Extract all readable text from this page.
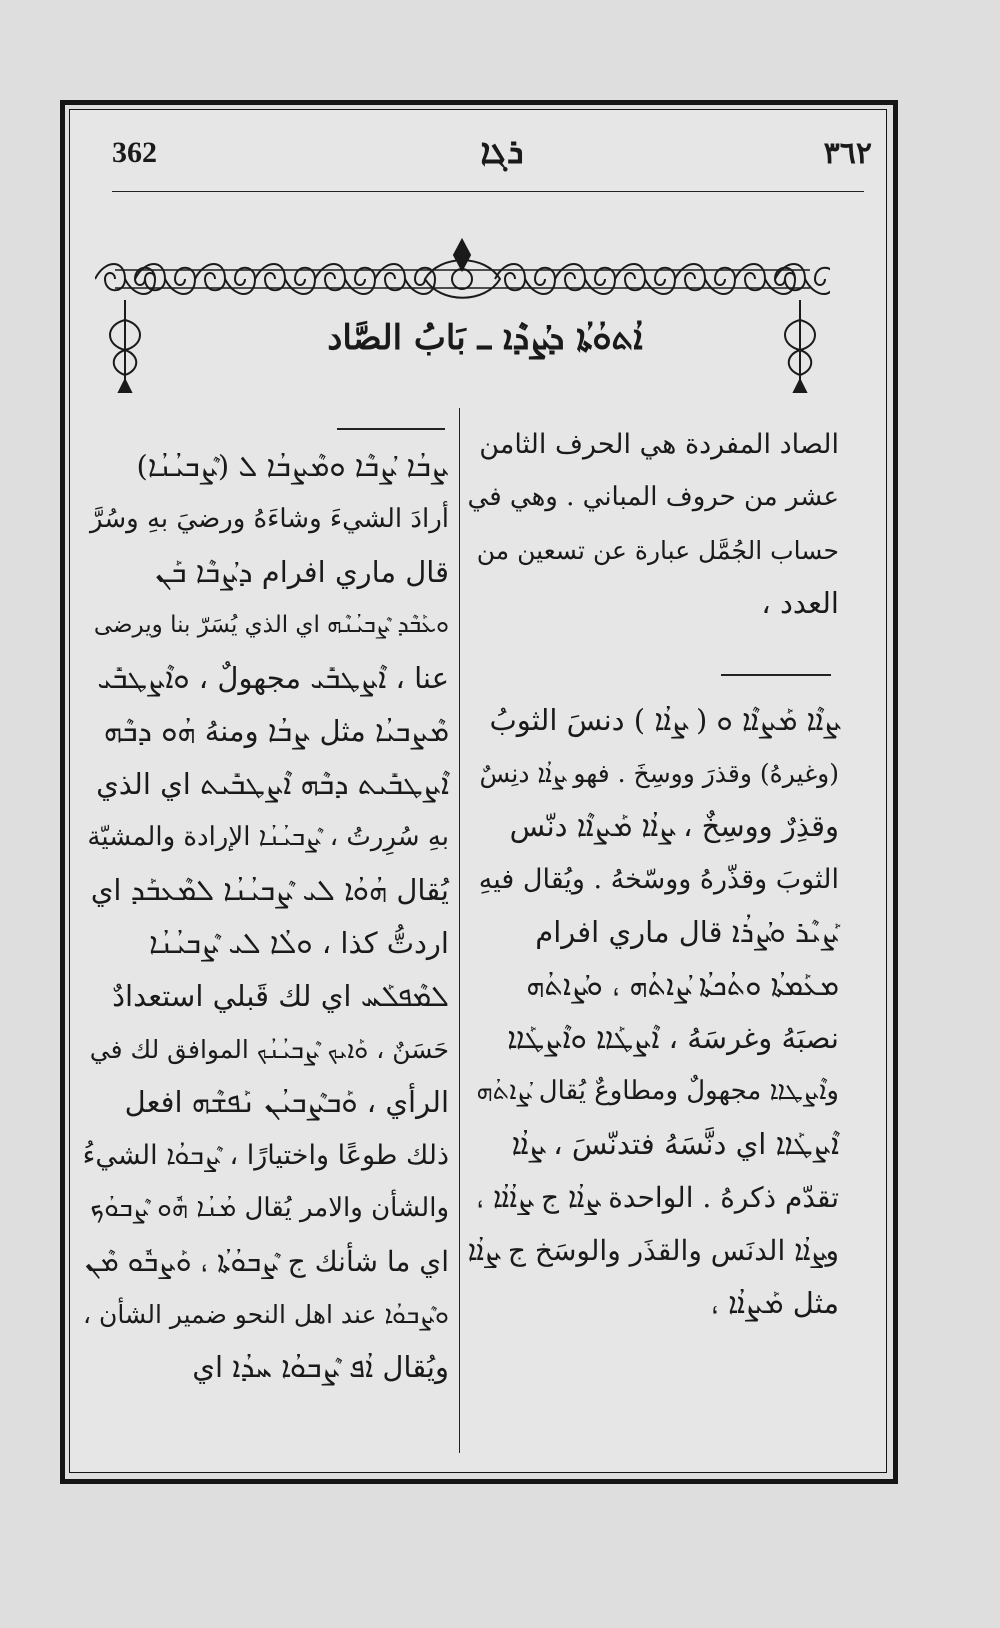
362	ܪܓܐ	٣٦٢
ܐܳܬܘܳܬܳܐ ܕܨܳܕܶܐ ـ بَابُ الصَّاد

الصاد المفردة هي الحرف الثامن

عشر من حروف المباني . وهي في

حساب الجُمَّل عبارة عن تسعين من

العدد ،

ܨܐܶܐ ܡܰܨܐܶܐ ܘ ( ܨܐܳܐ ) دنسَ الثوبُ

(وغيرهُ) وقذرَ ووسِخَ . فهو ܨܐܳܐ دنِسٌ

وقذِرٌ ووسِخٌ ، ܨܐܳܐ ܡܰܨܐܶܐ دنّس

الثوبَ وقذّرهُ ووسّخهُ . ويُقال فيهِ

ܨܰܝܶܪ ܘܨܳܪܳܐ قال ماري افرام

ܡܥܰܡܬܳܐ ܘܬܳܟܬܳܐ ܨܳܐܬܳܗ ، ܘܨܳܐܬܳܗ

نصبَهُ وغرسَهُ ، ܐܶܨܛܰܐܐ ܘܐܶܨܛܰܐܐ

وܐܶܨܛܐܐ مجهولٌ ومطاوعٌ يُقال ܨܳܐܬܳܗ

ܐܶܨܛܰܐܐ اي دنَّسَهُ فتدنّسَ ، ܨܐܳܐ

تقدّم ذكرهُ . الواحدة ܨܐܳܐ ج ܨܐܳܐܳܐ ،

وܨܐܳܐ الدنَس والقذَر والوسَخ ج ܨܐܳܐ

مثل ܡܰܨܐܳܐ ،

ܨܒܳܐ ܨܳܒܶܐ ܘܡܶܨܒܳܐ ܠ (ܨܶܒܝܳܢܳܐ)

أرادَ الشيءَ وشاءَهُ ورضيَ بهِ وسُرَّ

قال ماري افرام ܕܨܳܒܶܐ ܒܰܢ

ܘܥܰܒܶܕ ܨܶܒܝܳܢܶܗ اي الذي يُسَرّ بنا ويرضى

عنا ، ܐܶܨܛܒܺܝ مجهولٌ ، ܘܐܶܨܛܒܺܝ

ܡܶܨܒܝܳܐ مثل ܨܒܳܐ ومنهُ ܗܳܘ ܕܒܶܗ

ܐܶܨܛܒܺܝܬ ܕܒܶܗ ܐܶܨܛܒܺܝܬ اي الذي

بهِ سُرِرتُ ، ܨܶܒܝܳܢܳܐ الإرادة والمشيّة

يُقال ܗܳܘܳܐ ܠܝ ܨܶܒܝܳܢܳܐ ܠܡܶܥܒܰܕ اي

اردتُّ كذا ، ܘܠܳܐ ܠܝ ܨܶܒܝܳܢܳܐ

ܠܡܶܦܠܰܚ اي لك قَبلي استعدادٌ

حَسَنٌ ، ܘܰܐܝܟ ܨܶܒܝܳܢܳܟ الموافق لك في

الرأي ، ܘܰܒܨܶܒܝܳܢ ܢܰܦܫܶܗ افعل

ذلك طوعًا واختيارًا ، ܨܶܒܘܳܐ الشيءُ

والشأن والامر يُقال ܡܳܢܳܐ ܗܽܘ ܨܶܒܘܳܟ

اي ما شأنك ج ܨܶܒܘܳܬܳܐ ، ܘܰܨܒܽܘ ܡܶܢ

ܘܨܶܒܘܳܐ عند اهل النحو ضمير الشأن ،

ويُقال ܐܳܦ ܨܶܒܘܳܐ ܚܕܳܐ اي
